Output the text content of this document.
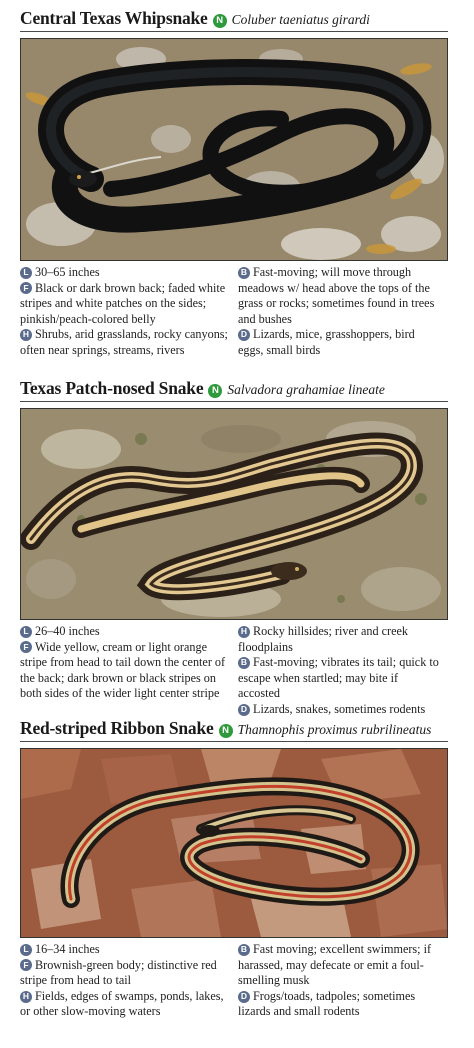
Central Texas Whipsnake N Coluber taeniatus girardi

L 30–65 inches

F Black or dark brown back; faded white stripes and white patches on the sides; pinkish/peach-colored belly

H Shrubs, arid grasslands, rocky canyons; often near springs, streams, rivers

B Fast-moving; will move through meadows w/ head above the tops of the grass or rocks; sometimes found in trees and bushes

D Lizards, mice, grasshoppers, bird eggs, small birds

Texas Patch-nosed Snake N Salvadora grahamiae lineate

L 26–40 inches

F Wide yellow, cream or light orange stripe from head to tail down the center of the back; dark brown or black stripes on both sides of the wider light center stripe

H Rocky hillsides; river and creek floodplains

B Fast-moving; vibrates its tail; quick to escape when startled; may bite if accosted

D Lizards, snakes, sometimes rodents

Red-striped Ribbon Snake N Thamnophis proximus rubrilineatus

L 16–34 inches

F Brownish-green body; distinctive red stripe from head to tail

H Fields, edges of swamps, ponds, lakes, or other slow-moving waters

B Fast moving; excellent swimmers; if harassed, may defecate or emit a foul-smelling musk

D Frogs/toads, tadpoles; sometimes lizards and small rodents
